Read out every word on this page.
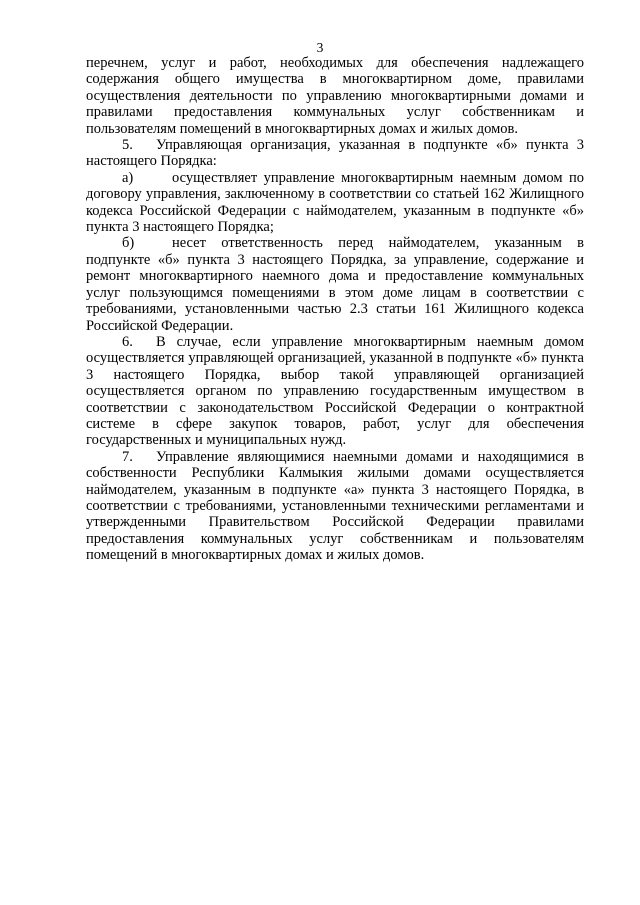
3

перечнем, услуг и работ, необходимых для обеспечения надлежащего содержания общего имущества в многоквартирном доме, правилами осуществления деятельности по управлению многоквартирными домами и правилами предоставления коммунальных услуг собственникам и пользователям помещений в многоквартирных домах и жилых домов.

5. Управляющая организация, указанная в подпункте «б» пункта 3 настоящего Порядка:

а)	осуществляет управление многоквартирным наемным домом по договору управления, заключенному в соответствии со статьей 162 Жилищного кодекса Российской Федерации с наймодателем, указанным в подпункте «б» пункта 3 настоящего Порядка;

б)	несет ответственность перед наймодателем, указанным в подпункте «б» пункта 3 настоящего Порядка, за управление, содержание и ремонт многоквартирного наемного дома и предоставление коммунальных услуг пользующимся помещениями в этом доме лицам в соответствии с требованиями, установленными частью 2.3 статьи 161 Жилищного кодекса Российской Федерации.

6. В случае, если управление многоквартирным наемным домом осуществляется управляющей организацией, указанной в подпункте «б» пункта 3 настоящего Порядка, выбор такой управляющей организацией осуществляется органом по управлению государственным имуществом в соответствии с законодательством Российской Федерации о контрактной системе в сфере закупок товаров, работ, услуг для обеспечения государственных и муниципальных нужд.

7. Управление являющимися наемными домами и находящимися в собственности Республики Калмыкия жилыми домами осуществляется наймодателем, указанным в подпункте «а» пункта 3 настоящего Порядка, в соответствии с требованиями, установленными техническими регламентами и утвержденными Правительством Российской Федерации правилами предоставления коммунальных услуг собственникам и пользователям помещений в многоквартирных домах и жилых домов.
